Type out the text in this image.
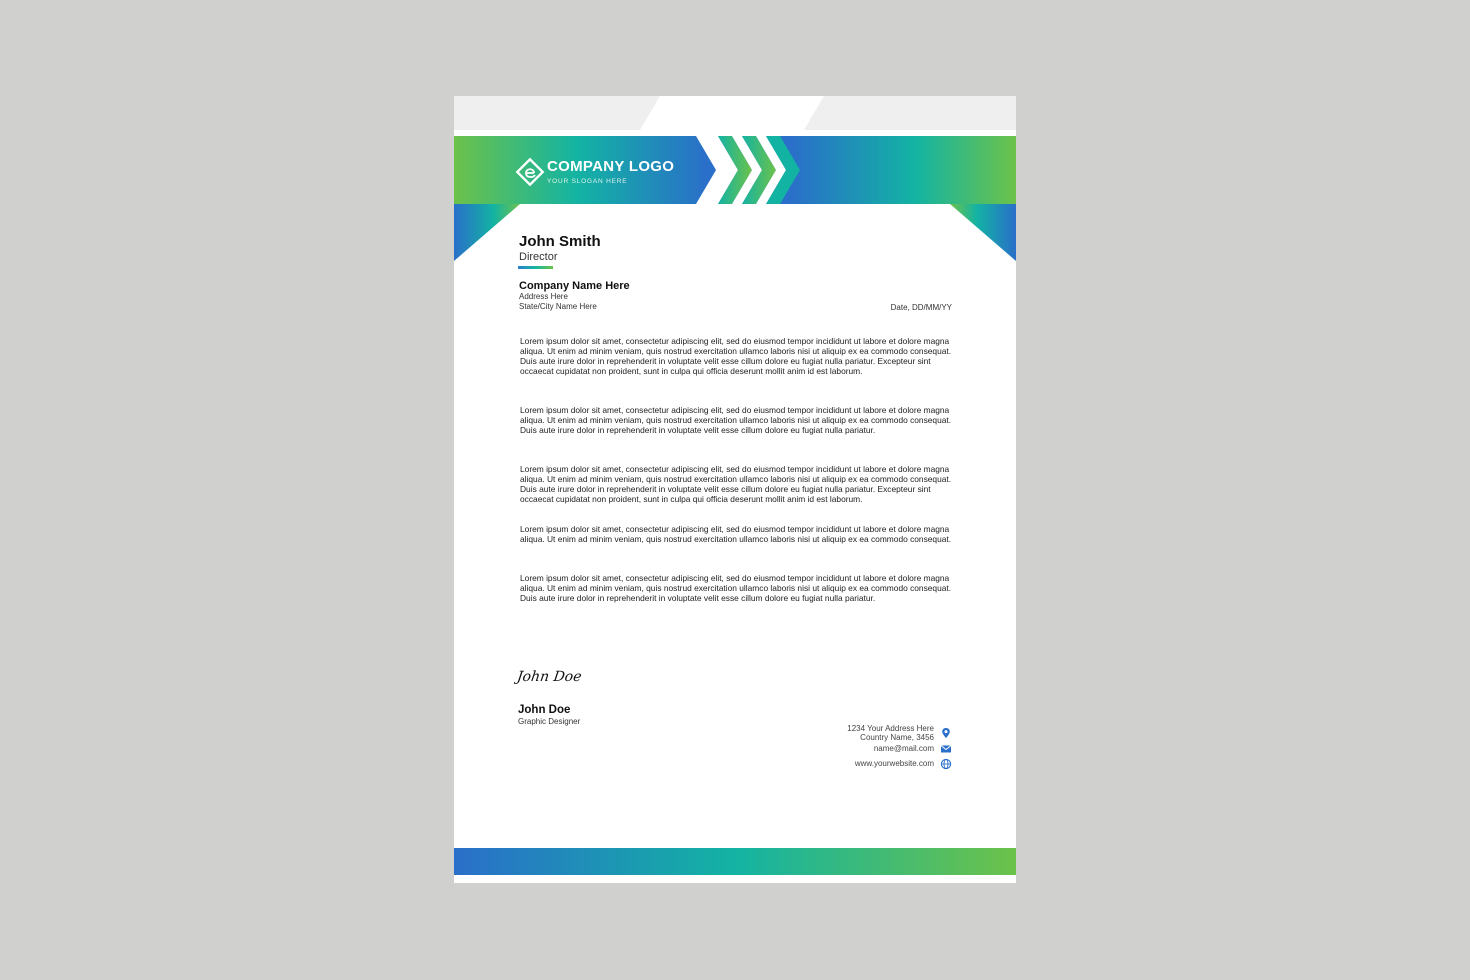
COMPANY LOGO
YOUR SLOGAN HERE
John Smith
Director
Company Name Here
Address Here
State/City Name Here	Date, DD/MM/YY

Lorem ipsum dolor sit amet, consectetur adipiscing elit, sed do eiusmod tempor incididunt ut labore et dolore magna aliqua. Ut enim ad minim veniam, quis nostrud exercitation ullamco laboris nisi ut aliquip ex ea commodo consequat. Duis aute irure dolor in reprehenderit in voluptate velit esse cillum dolore eu fugiat nulla pariatur. Excepteur sint occaecat cupidatat non proident, sunt in culpa qui officia deserunt mollit anim id est laborum.

Lorem ipsum dolor sit amet, consectetur adipiscing elit, sed do eiusmod tempor incididunt ut labore et dolore magna aliqua. Ut enim ad minim veniam, quis nostrud exercitation ullamco laboris nisi ut aliquip ex ea commodo consequat. Duis aute irure dolor in reprehenderit in voluptate velit esse cillum dolore eu fugiat nulla pariatur.

Lorem ipsum dolor sit amet, consectetur adipiscing elit, sed do eiusmod tempor incididunt ut labore et dolore magna aliqua. Ut enim ad minim veniam, quis nostrud exercitation ullamco laboris nisi ut aliquip ex ea commodo consequat. Duis aute irure dolor in reprehenderit in voluptate velit esse cillum dolore eu fugiat nulla pariatur. Excepteur sint occaecat cupidatat non proident, sunt in culpa qui officia deserunt mollit anim id est laborum.

Lorem ipsum dolor sit amet, consectetur adipiscing elit, sed do eiusmod tempor incididunt ut labore et dolore magna aliqua. Ut enim ad minim veniam, quis nostrud exercitation ullamco laboris nisi ut aliquip ex ea commodo consequat.

Lorem ipsum dolor sit amet, consectetur adipiscing elit, sed do eiusmod tempor incididunt ut labore et dolore magna aliqua. Ut enim ad minim veniam, quis nostrud exercitation ullamco laboris nisi ut aliquip ex ea commodo consequat. Duis aute irure dolor in reprehenderit in voluptate velit esse cillum dolore eu fugiat nulla pariatur.

John Doe
John Doe
Graphic Designer
1234 Your Address Here
Country Name, 3456
name@mail.com
www.yourwebsite.com
